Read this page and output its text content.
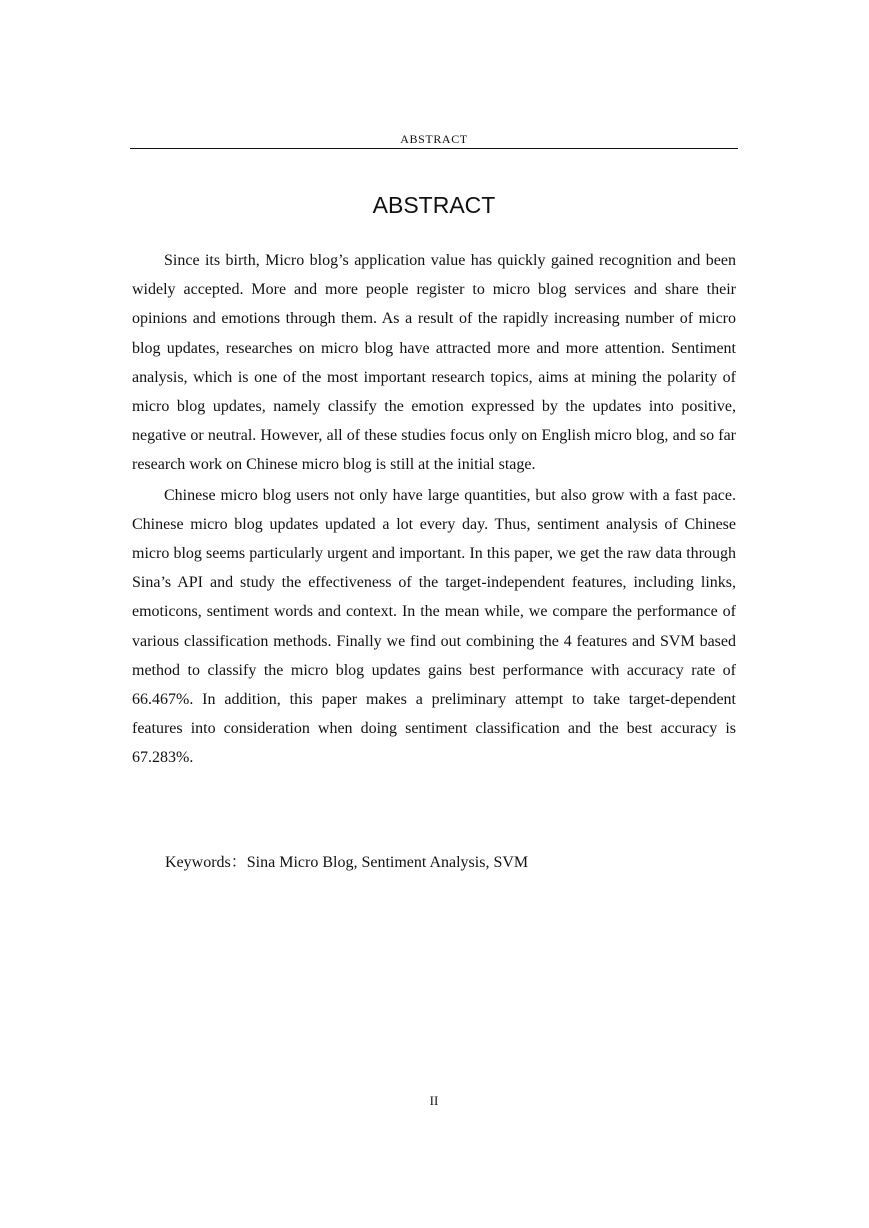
ABSTRACT
ABSTRACT

Since its birth, Micro blog’s application value has quickly gained recognition and been widely accepted. More and more people register to micro blog services and share their opinions and emotions through them. As a result of the rapidly increasing number of micro blog updates, researches on micro blog have attracted more and more attention. Sentiment analysis, which is one of the most important research topics, aims at mining the polarity of micro blog updates, namely classify the emotion expressed by the updates into positive, negative or neutral. However, all of these studies focus only on English micro blog, and so far research work on Chinese micro blog is still at the initial stage.

Chinese micro blog users not only have large quantities, but also grow with a fast pace. Chinese micro blog updates updated a lot every day. Thus, sentiment analysis of Chinese micro blog seems particularly urgent and important. In this paper, we get the raw data through Sina’s API and study the effectiveness of the target-independent features, including links, emoticons, sentiment words and context. In the mean while, we compare the performance of various classification methods. Finally we find out combining the 4 features and SVM based method to classify the micro blog updates gains best performance with accuracy rate of 66.467%. In addition, this paper makes a preliminary attempt to take target-dependent features into consideration when doing sentiment classification and the best accuracy is 67.283%.

Keywords：Sina Micro Blog, Sentiment Analysis, SVM
II
